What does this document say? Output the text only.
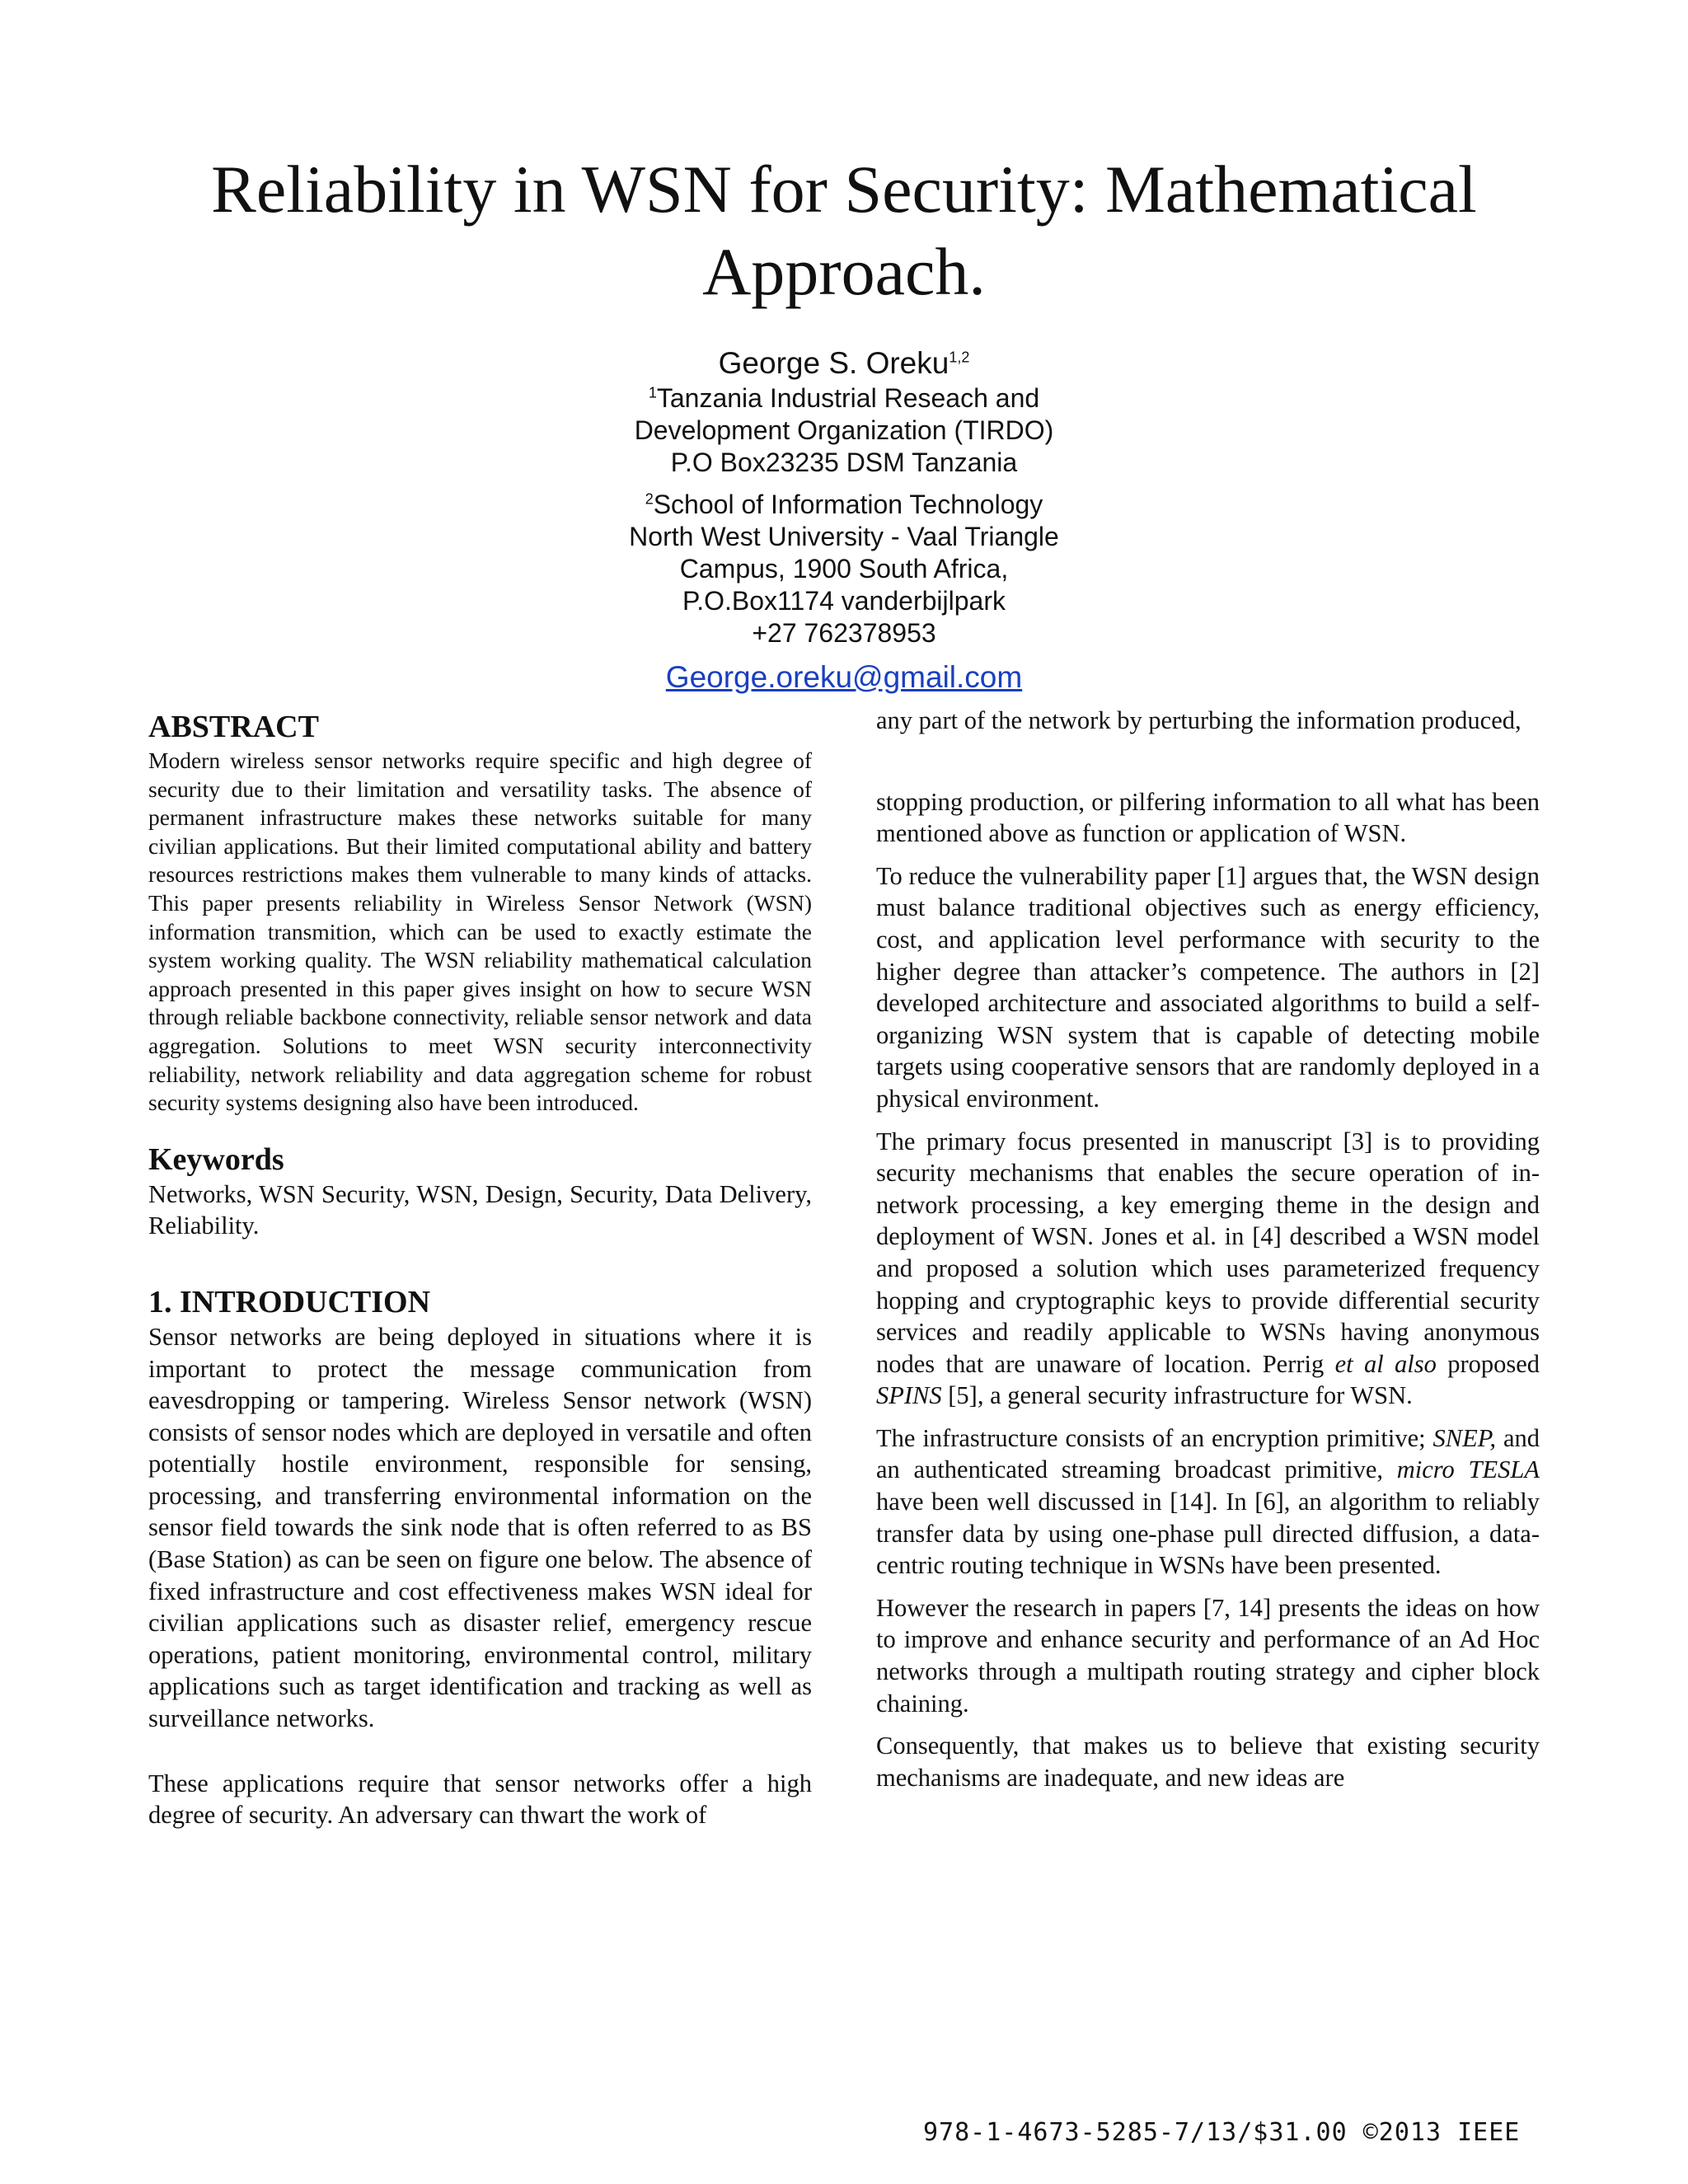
Reliability in WSN for Security: Mathematical Approach.
George S. Oreku$^{1,2}$
$^1$Tanzania Industrial Reseach and
Development Organization (TIRDO)
P.O Box23235 DSM Tanzania
$^2$School of Information Technology
North West University - Vaal Triangle
Campus, 1900 South Africa,
P.O.Box1174 vanderbijlpark
+27 762378953
George.oreku@gmail.com
ABSTRACT

Modern wireless sensor networks require specific and high degree of security due to their limitation and versatility tasks. The absence of permanent infrastructure makes these networks suitable for many civilian applications. But their limited computational ability and battery resources restrictions makes them vulnerable to many kinds of attacks. This paper presents reliability in Wireless Sensor Network (WSN) information transmition, which can be used to exactly estimate the system working quality. The WSN reliability mathematical calculation approach presented in this paper gives insight on how to secure WSN through reliable backbone connectivity, reliable sensor network and data aggregation. Solutions to meet WSN security interconnectivity reliability, network reliability and data aggregation scheme for robust security systems designing also have been introduced.

Keywords

Networks, WSN Security, WSN, Design, Security, Data Delivery, Reliability.

1. INTRODUCTION

Sensor networks are being deployed in situations where it is important to protect the message communication from eavesdropping or tampering. Wireless Sensor network (WSN) consists of sensor nodes which are deployed in versatile and often potentially hostile environment, responsible for sensing, processing, and transferring environmental information on the sensor field towards the sink node that is often referred to as BS (Base Station) as can be seen on figure one below. The absence of fixed infrastructure and cost effectiveness makes WSN ideal for civilian applications such as disaster relief, emergency rescue operations, patient monitoring, environmental control, military applications such as target identification and tracking as well as surveillance networks.

These applications require that sensor networks offer a high degree of security. An adversary can thwart the work of

any part of the network by perturbing the information produced,

stopping production, or pilfering information to all what has been mentioned above as function or application of WSN.

To reduce the vulnerability paper [1] argues that, the WSN design must balance traditional objectives such as energy efficiency, cost, and application level performance with security to the higher degree than attacker’s competence. The authors in [2] developed architecture and associated algorithms to build a self-organizing WSN system that is capable of detecting mobile targets using cooperative sensors that are randomly deployed in a physical environment.

The primary focus presented in manuscript [3] is to providing security mechanisms that enables the secure operation of in-network processing, a key emerging theme in the design and deployment of WSN. Jones et al. in [4] described a WSN model and proposed a solution which uses parameterized frequency hopping and cryptographic keys to provide differential security services and readily applicable to WSNs having anonymous nodes that are unaware of location. Perrig et al also proposed SPINS [5], a general security infrastructure for WSN.

The infrastructure consists of an encryption primitive; SNEP, and an authenticated streaming broadcast primitive, micro TESLA have been well discussed in [14]. In [6], an algorithm to reliably transfer data by using one-phase pull directed diffusion, a data-centric routing technique in WSNs have been presented.

However the research in papers [7, 14] presents the ideas on how to improve and enhance security and performance of an Ad Hoc networks through a multipath routing strategy and cipher block chaining.

Consequently, that makes us to believe that existing security mechanisms are inadequate, and new ideas are

978-1-4673-5285-7/13/$31.00 ©2013 IEEE
